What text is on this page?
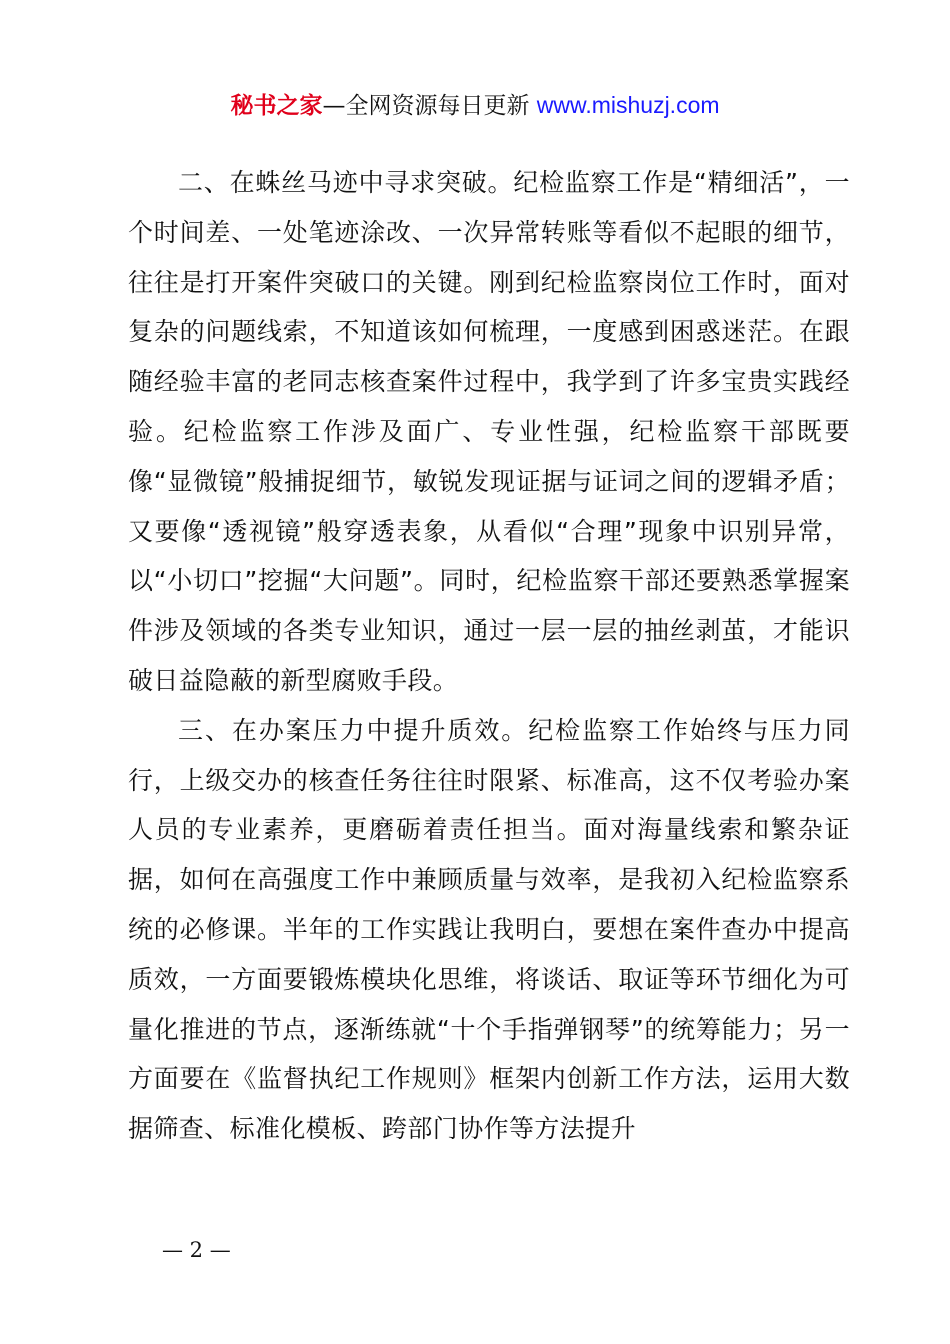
秘书之家—全网资源每日更新 www.mishuzj.com

二、在蛛丝马迹中寻求突破。纪检监察工作是“精细活”，一个时间差、一处笔迹涂改、一次异常转账等看似不起眼的细节，往往是打开案件突破口的关键。刚到纪检监察岗位工作时，面对复杂的问题线索，不知道该如何梳理，一度感到困惑迷茫。在跟随经验丰富的老同志核查案件过程中，我学到了许多宝贵实践经验。纪检监察工作涉及面广、专业性强，纪检监察干部既要像“显微镜”般捕捉细节，敏锐发现证据与证词之间的逻辑矛盾；又要像“透视镜”般穿透表象，从看似“合理”现象中识别异常，以“小切口”挖掘“大问题”。同时，纪检监察干部还要熟悉掌握案件涉及领域的各类专业知识，通过一层一层的抽丝剥茧，才能识破日益隐蔽的新型腐败手段。

三、在办案压力中提升质效。纪检监察工作始终与压力同行，上级交办的核查任务往往时限紧、标准高，这不仅考验办案人员的专业素养，更磨砺着责任担当。面对海量线索和繁杂证据，如何在高强度工作中兼顾质量与效率，是我初入纪检监察系统的必修课。半年的工作实践让我明白，要想在案件查办中提高质效，一方面要锻炼模块化思维，将谈话、取证等环节细化为可量化推进的节点，逐渐练就“十个手指弹钢琴”的统筹能力；另一方面要在《监督执纪工作规则》框架内创新工作方法，运用大数据筛查、标准化模板、跨部门协作等方法提升

— 2 —
